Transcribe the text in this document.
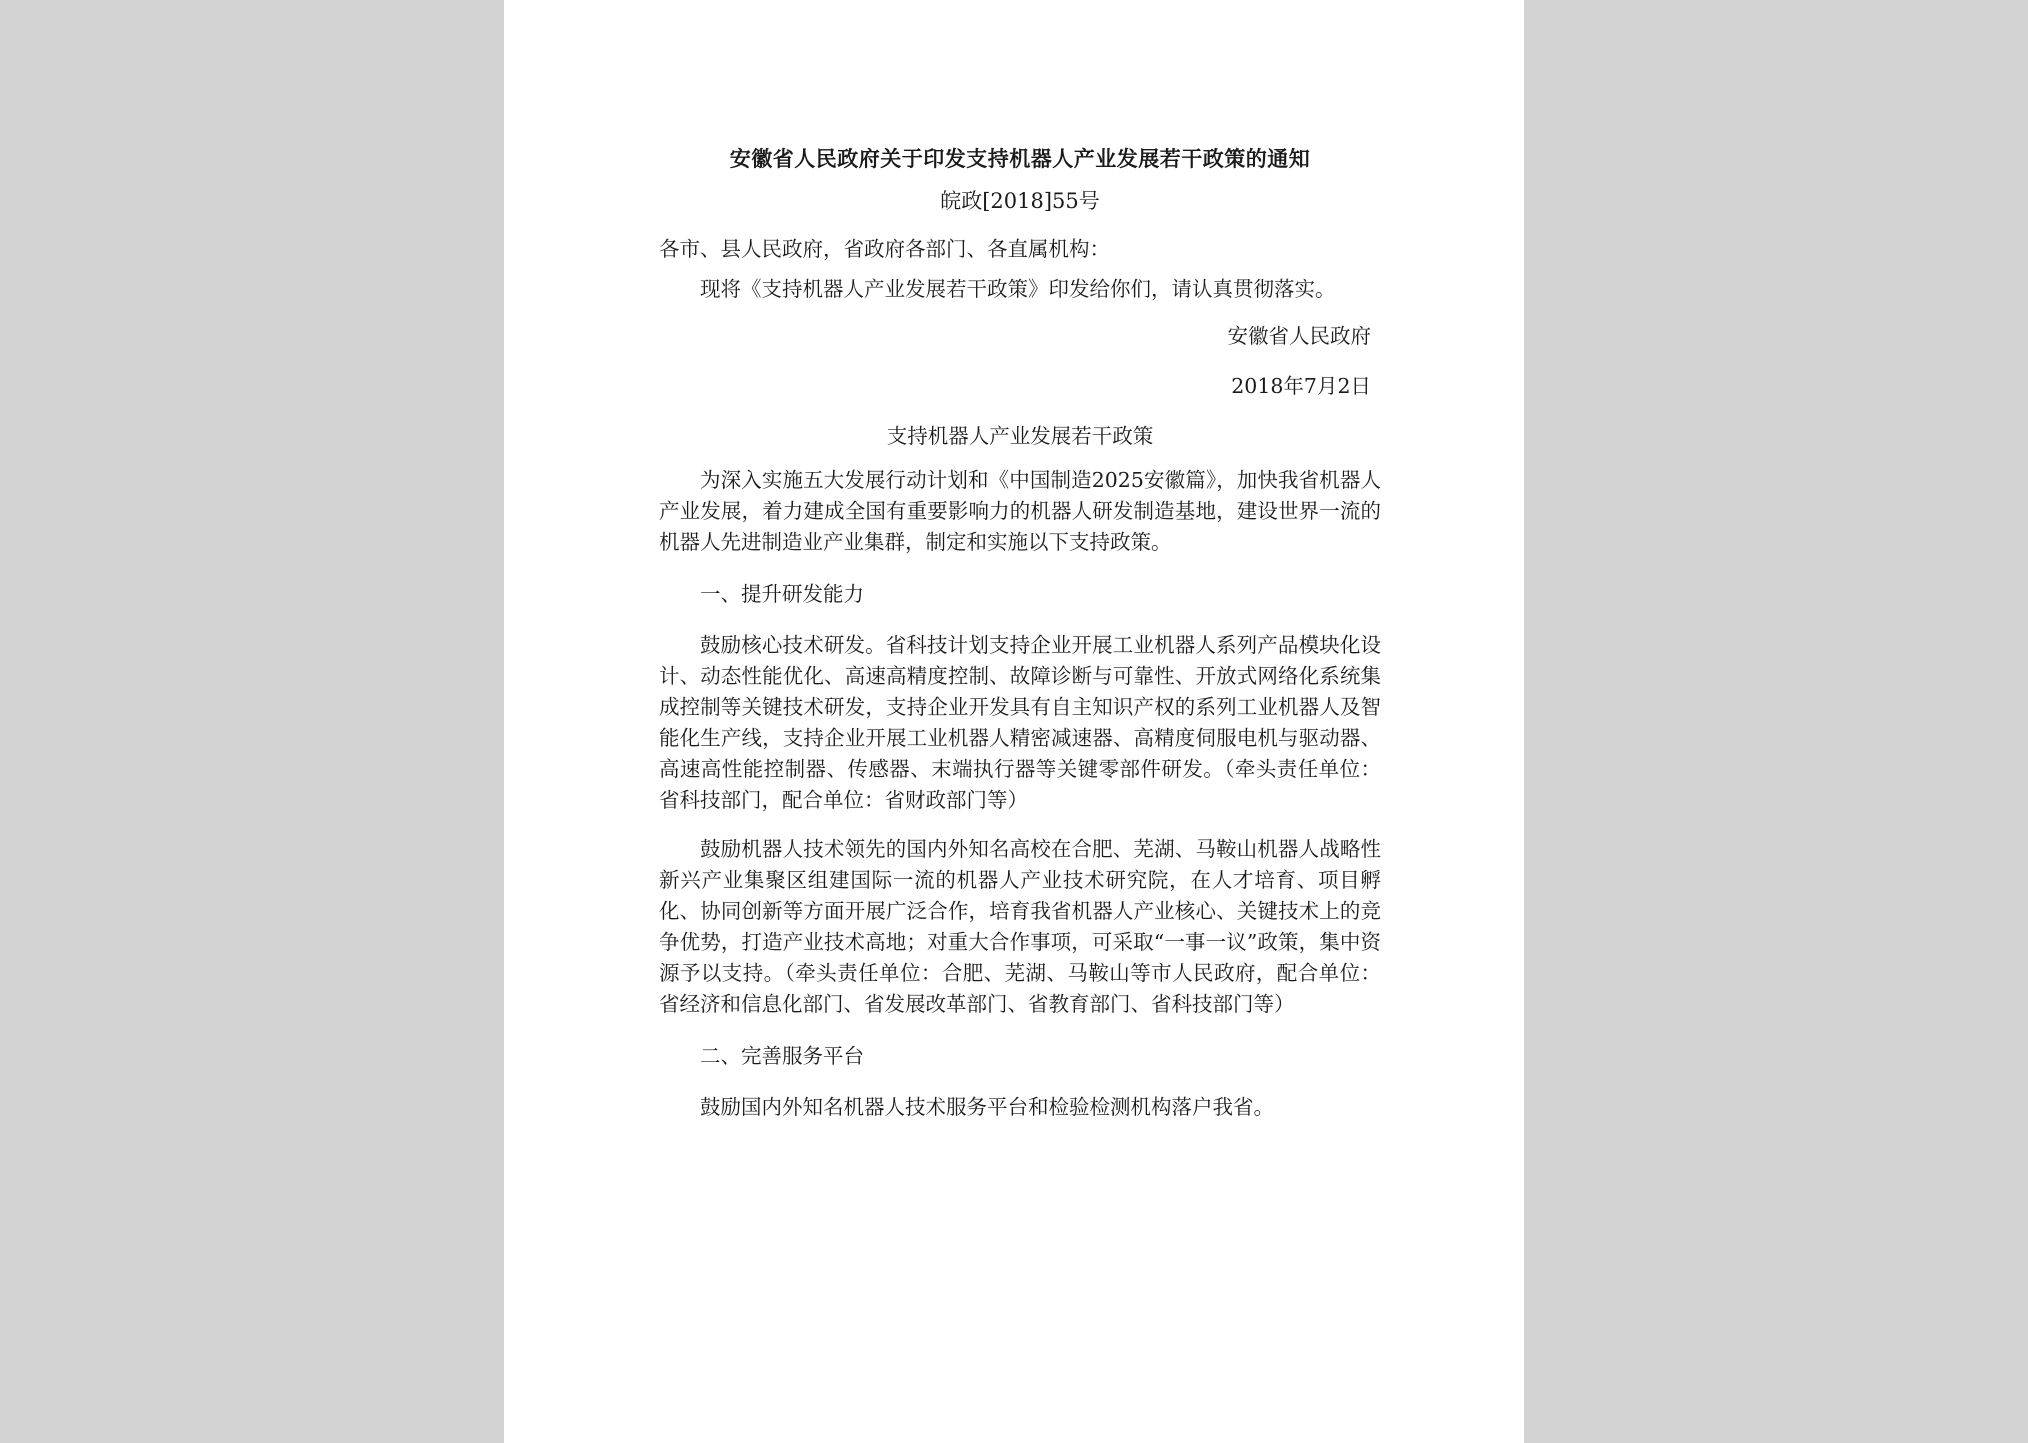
安徽省人民政府关于印发支持机器人产业发展若干政策的通知
皖政[2018]55号

各市、县人民政府，省政府各部门、各直属机构：

现将《支持机器人产业发展若干政策》印发给你们，请认真贯彻落实。

安徽省人民政府

2018年7月2日

支持机器人产业发展若干政策

为深入实施五大发展行动计划和《中国制造2025安徽篇》，加快我省机器人产业发展，着力建成全国有重要影响力的机器人研发制造基地，建设世界一流的机器人先进制造业产业集群，制定和实施以下支持政策。

一、提升研发能力

鼓励核心技术研发。省科技计划支持企业开展工业机器人系列产品模块化设计、动态性能优化、高速高精度控制、故障诊断与可靠性、开放式网络化系统集成控制等关键技术研发，支持企业开发具有自主知识产权的系列工业机器人及智能化生产线，支持企业开展工业机器人精密减速器、高精度伺服电机与驱动器、高速高性能控制器、传感器、末端执行器等关键零部件研发。（牵头责任单位：省科技部门，配合单位：省财政部门等）

鼓励机器人技术领先的国内外知名高校在合肥、芜湖、马鞍山机器人战略性新兴产业集聚区组建国际一流的机器人产业技术研究院，在人才培育、项目孵化、协同创新等方面开展广泛合作，培育我省机器人产业核心、关键技术上的竞争优势，打造产业技术高地；对重大合作事项，可采取“一事一议”政策，集中资源予以支持。（牵头责任单位：合肥、芜湖、马鞍山等市人民政府，配合单位：省经济和信息化部门、省发展改革部门、省教育部门、省科技部门等）

二、完善服务平台

鼓励国内外知名机器人技术服务平台和检验检测机构落户我省。
